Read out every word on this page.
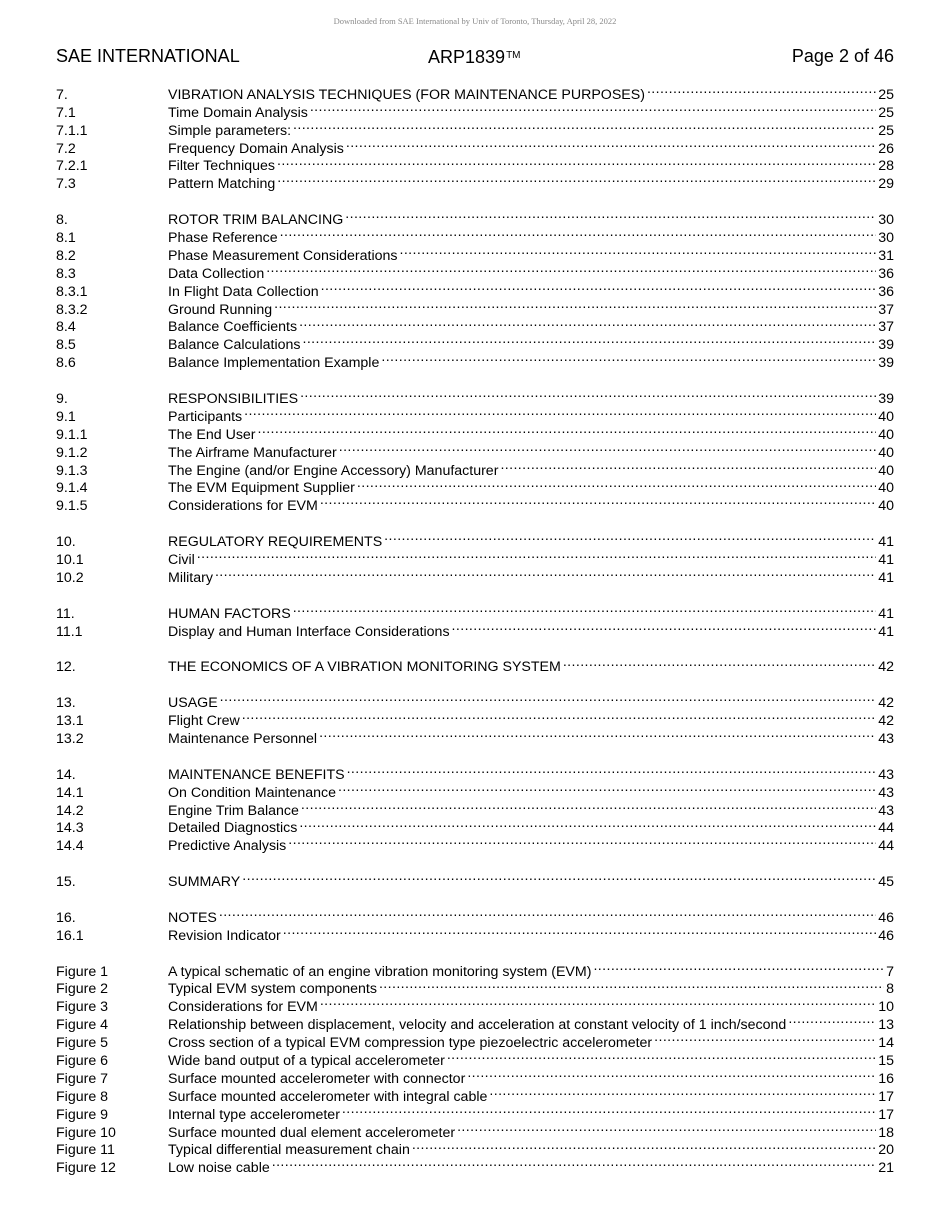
Downloaded from SAE International by Univ of Toronto, Thursday, April 28, 2022
SAE INTERNATIONAL	ARP1839™	Page 2 of 46
7.	VIBRATION ANALYSIS TECHNIQUES (FOR MAINTENANCE PURPOSES) .....	25
7.1	Time Domain Analysis .....	25
7.1.1	Simple parameters: .....	25
7.2	Frequency Domain Analysis .....	26
7.2.1	Filter Techniques .....	28
7.3	Pattern Matching .....	29
8.	ROTOR TRIM BALANCING .....	30
8.1	Phase Reference .....	30
8.2	Phase Measurement Considerations .....	31
8.3	Data Collection .....	36
8.3.1	In Flight Data Collection .....	36
8.3.2	Ground Running .....	37
8.4	Balance Coefficients .....	37
8.5	Balance Calculations .....	39
8.6	Balance Implementation Example .....	39
9.	RESPONSIBILITIES .....	39
9.1	Participants .....	40
9.1.1	The End User .....	40
9.1.2	The Airframe Manufacturer .....	40
9.1.3	The Engine (and/or Engine Accessory) Manufacturer .....	40
9.1.4	The EVM Equipment Supplier .....	40
9.1.5	Considerations for EVM .....	40
10.	REGULATORY REQUIREMENTS .....	41
10.1	Civil .....	41
10.2	Military .....	41
11.	HUMAN FACTORS .....	41
11.1	Display and Human Interface Considerations .....	41
12.	THE ECONOMICS OF A VIBRATION MONITORING SYSTEM .....	42
13.	USAGE .....	42
13.1	Flight Crew .....	42
13.2	Maintenance Personnel .....	43
14.	MAINTENANCE BENEFITS .....	43
14.1	On Condition Maintenance .....	43
14.2	Engine Trim Balance .....	43
14.3	Detailed Diagnostics .....	44
14.4	Predictive Analysis .....	44
15.	SUMMARY .....	45
16.	NOTES .....	46
16.1	Revision Indicator .....	46
Figure 1	A typical schematic of an engine vibration monitoring system (EVM) .....	7
Figure 2	Typical EVM system components .....	8
Figure 3	Considerations for EVM .....	10
Figure 4	Relationship between displacement, velocity and acceleration at constant velocity of 1 inch/second .....	13
Figure 5	Cross section of a typical EVM compression type piezoelectric accelerometer .....	14
Figure 6	Wide band output of a typical accelerometer .....	15
Figure 7	Surface mounted accelerometer with connector .....	16
Figure 8	Surface mounted accelerometer with integral cable .....	17
Figure 9	Internal type accelerometer .....	17
Figure 10	Surface mounted dual element accelerometer .....	18
Figure 11	Typical differential measurement chain .....	20
Figure 12	Low noise cable .....	21
